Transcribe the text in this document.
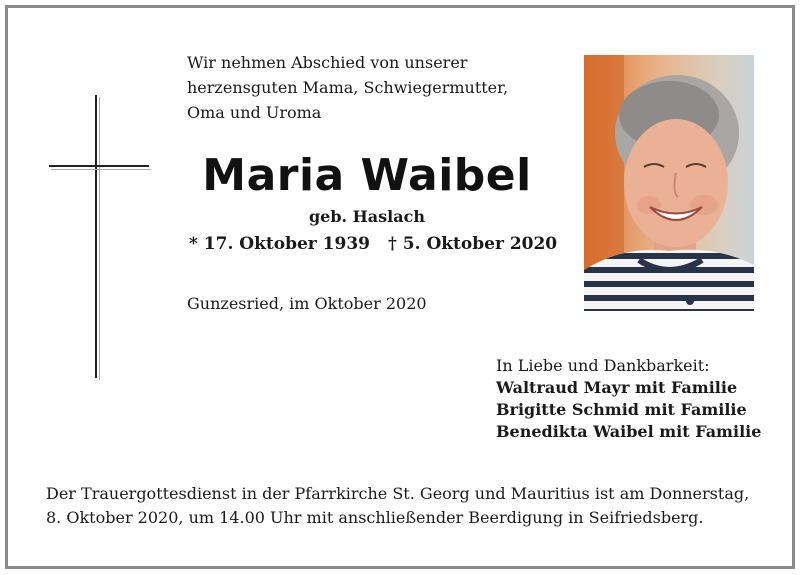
Wir nehmen Abschied von unserer
herzensguten Mama, Schwiegermutter,
Oma und Uroma
Maria Waibel
geb. Haslach
* 17. Oktober 1939 † 5. Oktober 2020
Gunzesried, im Oktober 2020
In Liebe und Dankbarkeit:
Waltraud Mayr mit Familie
Brigitte Schmid mit Familie
Benedikta Waibel mit Familie
Der Trauergottesdienst in der Pfarrkirche St. Georg und Mauritius ist am Donnerstag,
8. Oktober 2020, um 14.00 Uhr mit anschließender Beerdigung in Seifriedsberg.
